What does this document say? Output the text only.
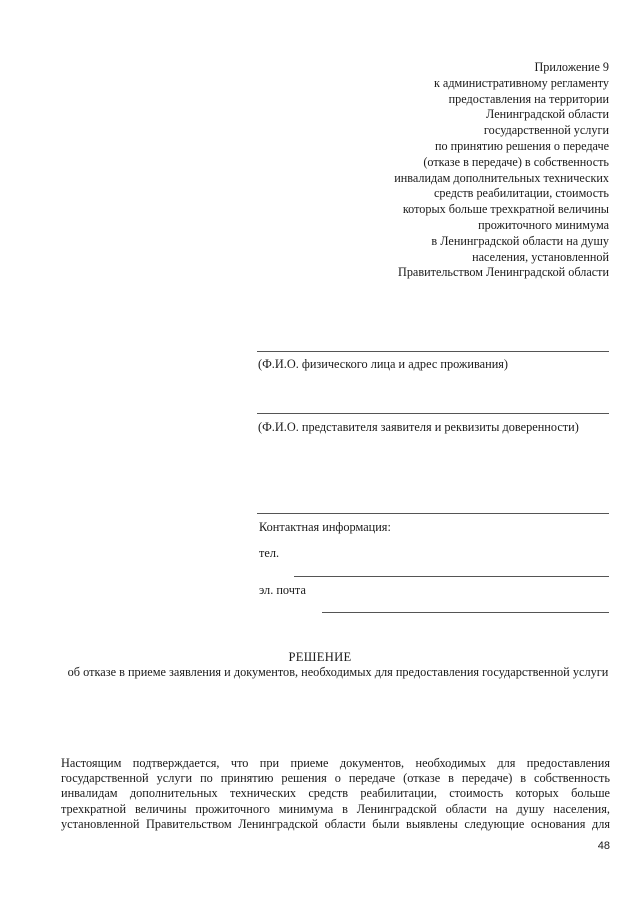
Приложение 9
к административному регламенту
предоставления на территории
Ленинградской области
государственной услуги
по принятию решения о передаче
(отказе в передаче) в собственность
инвалидам дополнительных технических
средств реабилитации, стоимость
которых больше трехкратной величины
прожиточного минимума
в Ленинградской области на душу
населения, установленной
Правительством Ленинградской области
(Ф.И.О. физического лица и адрес проживания)
(Ф.И.О. представителя заявителя и реквизиты доверенности)
Контактная информация:
тел.
эл. почта
РЕШЕНИЕ
об отказе в приеме заявления и документов, необходимых для предоставления государственной услуги
Настоящим подтверждается, что при приеме документов, необходимых для предоставления государственной услуги по принятию решения о передаче (отказе в передаче) в собственность инвалидам дополнительных технических средств реабилитации, стоимость которых больше трехкратной величины прожиточного минимума в Ленинградской области на душу населения, установленной Правительством Ленинградской области были выявлены следующие основания для
48
